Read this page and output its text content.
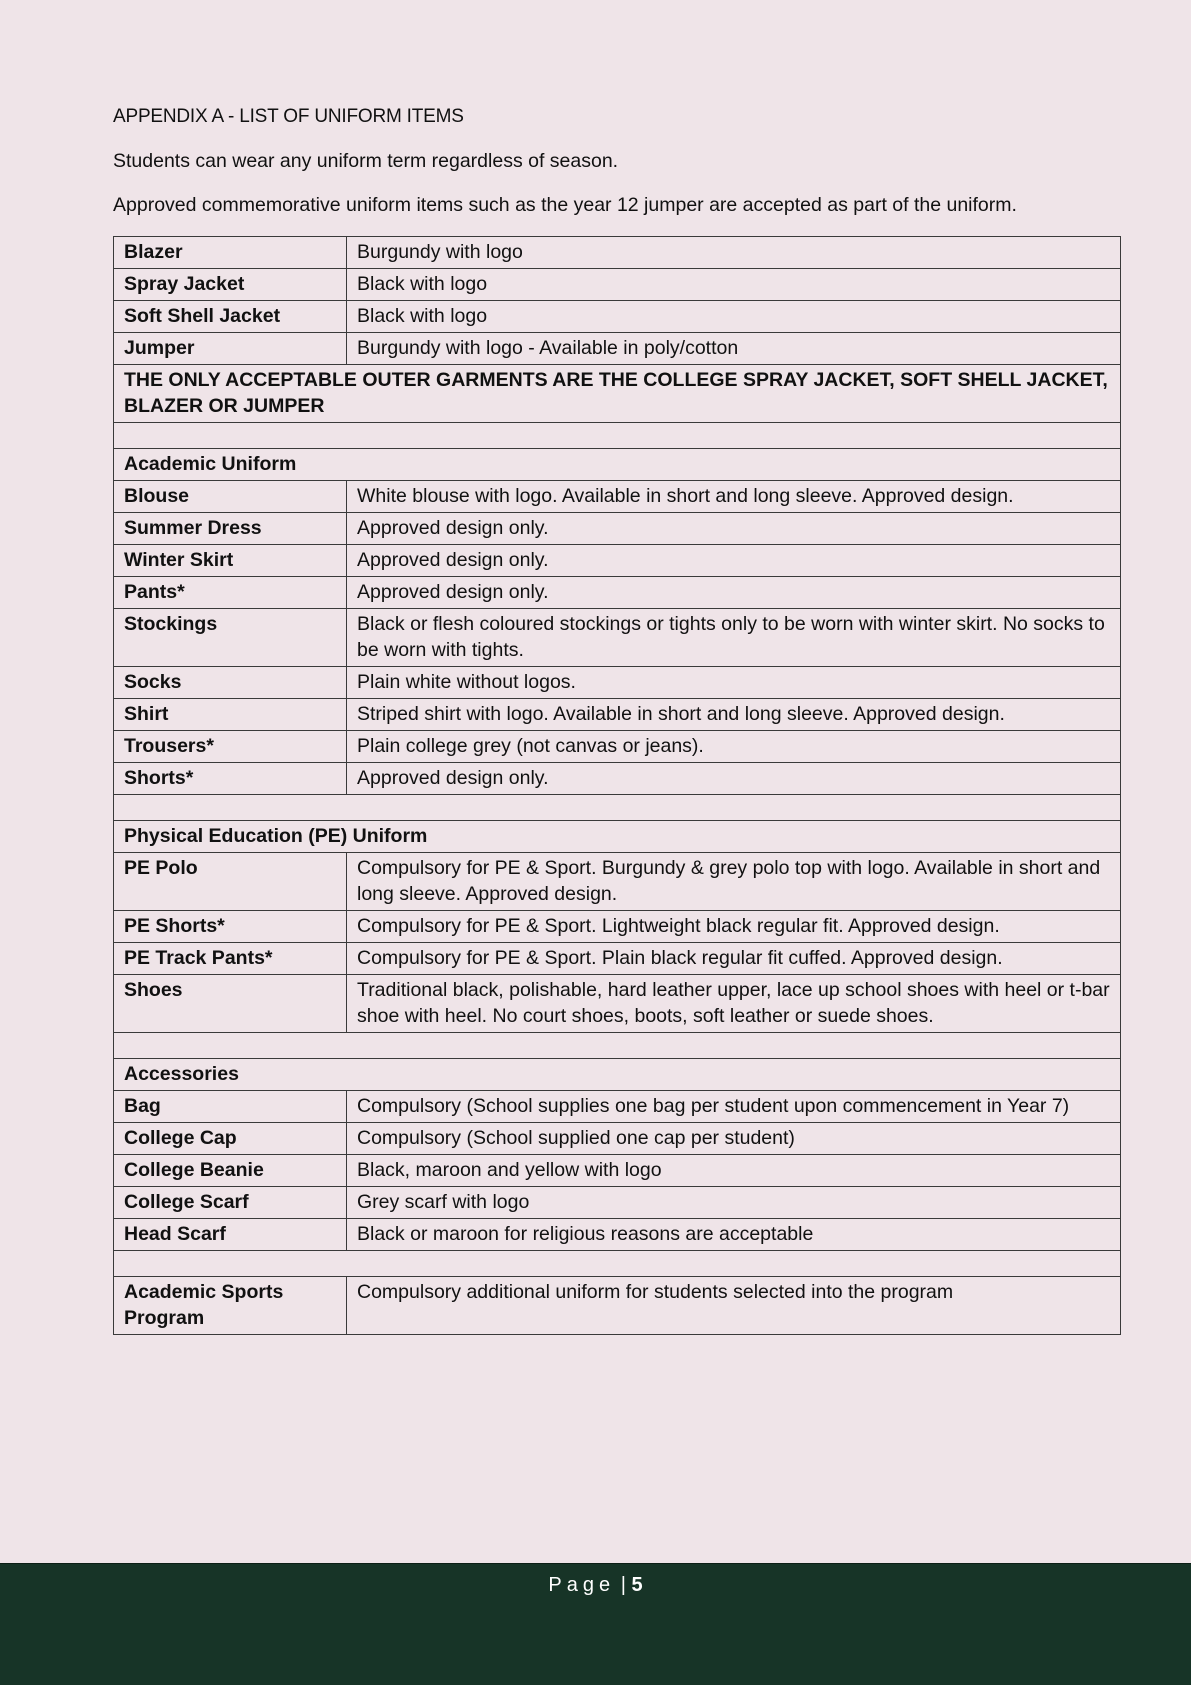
APPENDIX A - LIST OF UNIFORM ITEMS

Students can wear any uniform term regardless of season.

Approved commemorative uniform items such as the year 12 jumper are accepted as part of the uniform.

Blazer	Burgundy with logo
Spray Jacket	Black with logo
Soft Shell Jacket	Black with logo
Jumper	Burgundy with logo - Available in poly/cotton
THE ONLY ACCEPTABLE OUTER GARMENTS ARE THE COLLEGE SPRAY JACKET, SOFT SHELL JACKET, BLAZER OR JUMPER	

Academic Uniform	
Blouse	White blouse with logo. Available in short and long sleeve. Approved design.
Summer Dress	Approved design only.
Winter Skirt	Approved design only.
Pants*	Approved design only.
Stockings	Black or flesh coloured stockings or tights only to be worn with winter skirt. No socks to be worn with tights.
Socks	Plain white without logos.
Shirt	Striped shirt with logo. Available in short and long sleeve. Approved design.
Trousers*	Plain college grey (not canvas or jeans).
Shorts*	Approved design only.

Physical Education (PE) Uniform	
PE Polo	Compulsory for PE & Sport. Burgundy & grey polo top with logo. Available in short and long sleeve. Approved design.
PE Shorts*	Compulsory for PE & Sport. Lightweight black regular fit. Approved design.
PE Track Pants*	Compulsory for PE & Sport. Plain black regular fit cuffed. Approved design.
Shoes	Traditional black, polishable, hard leather upper, lace up school shoes with heel or t-bar shoe with heel. No court shoes, boots, soft leather or suede shoes.

Accessories	
Bag	Compulsory (School supplies one bag per student upon commencement in Year 7)
College Cap	Compulsory (School supplied one cap per student)
College Beanie	Black, maroon and yellow with logo
College Scarf	Grey scarf with logo
Head Scarf	Black or maroon for religious reasons are acceptable

Academic Sports Program	Compulsory additional uniform for students selected into the program
Page | 5
